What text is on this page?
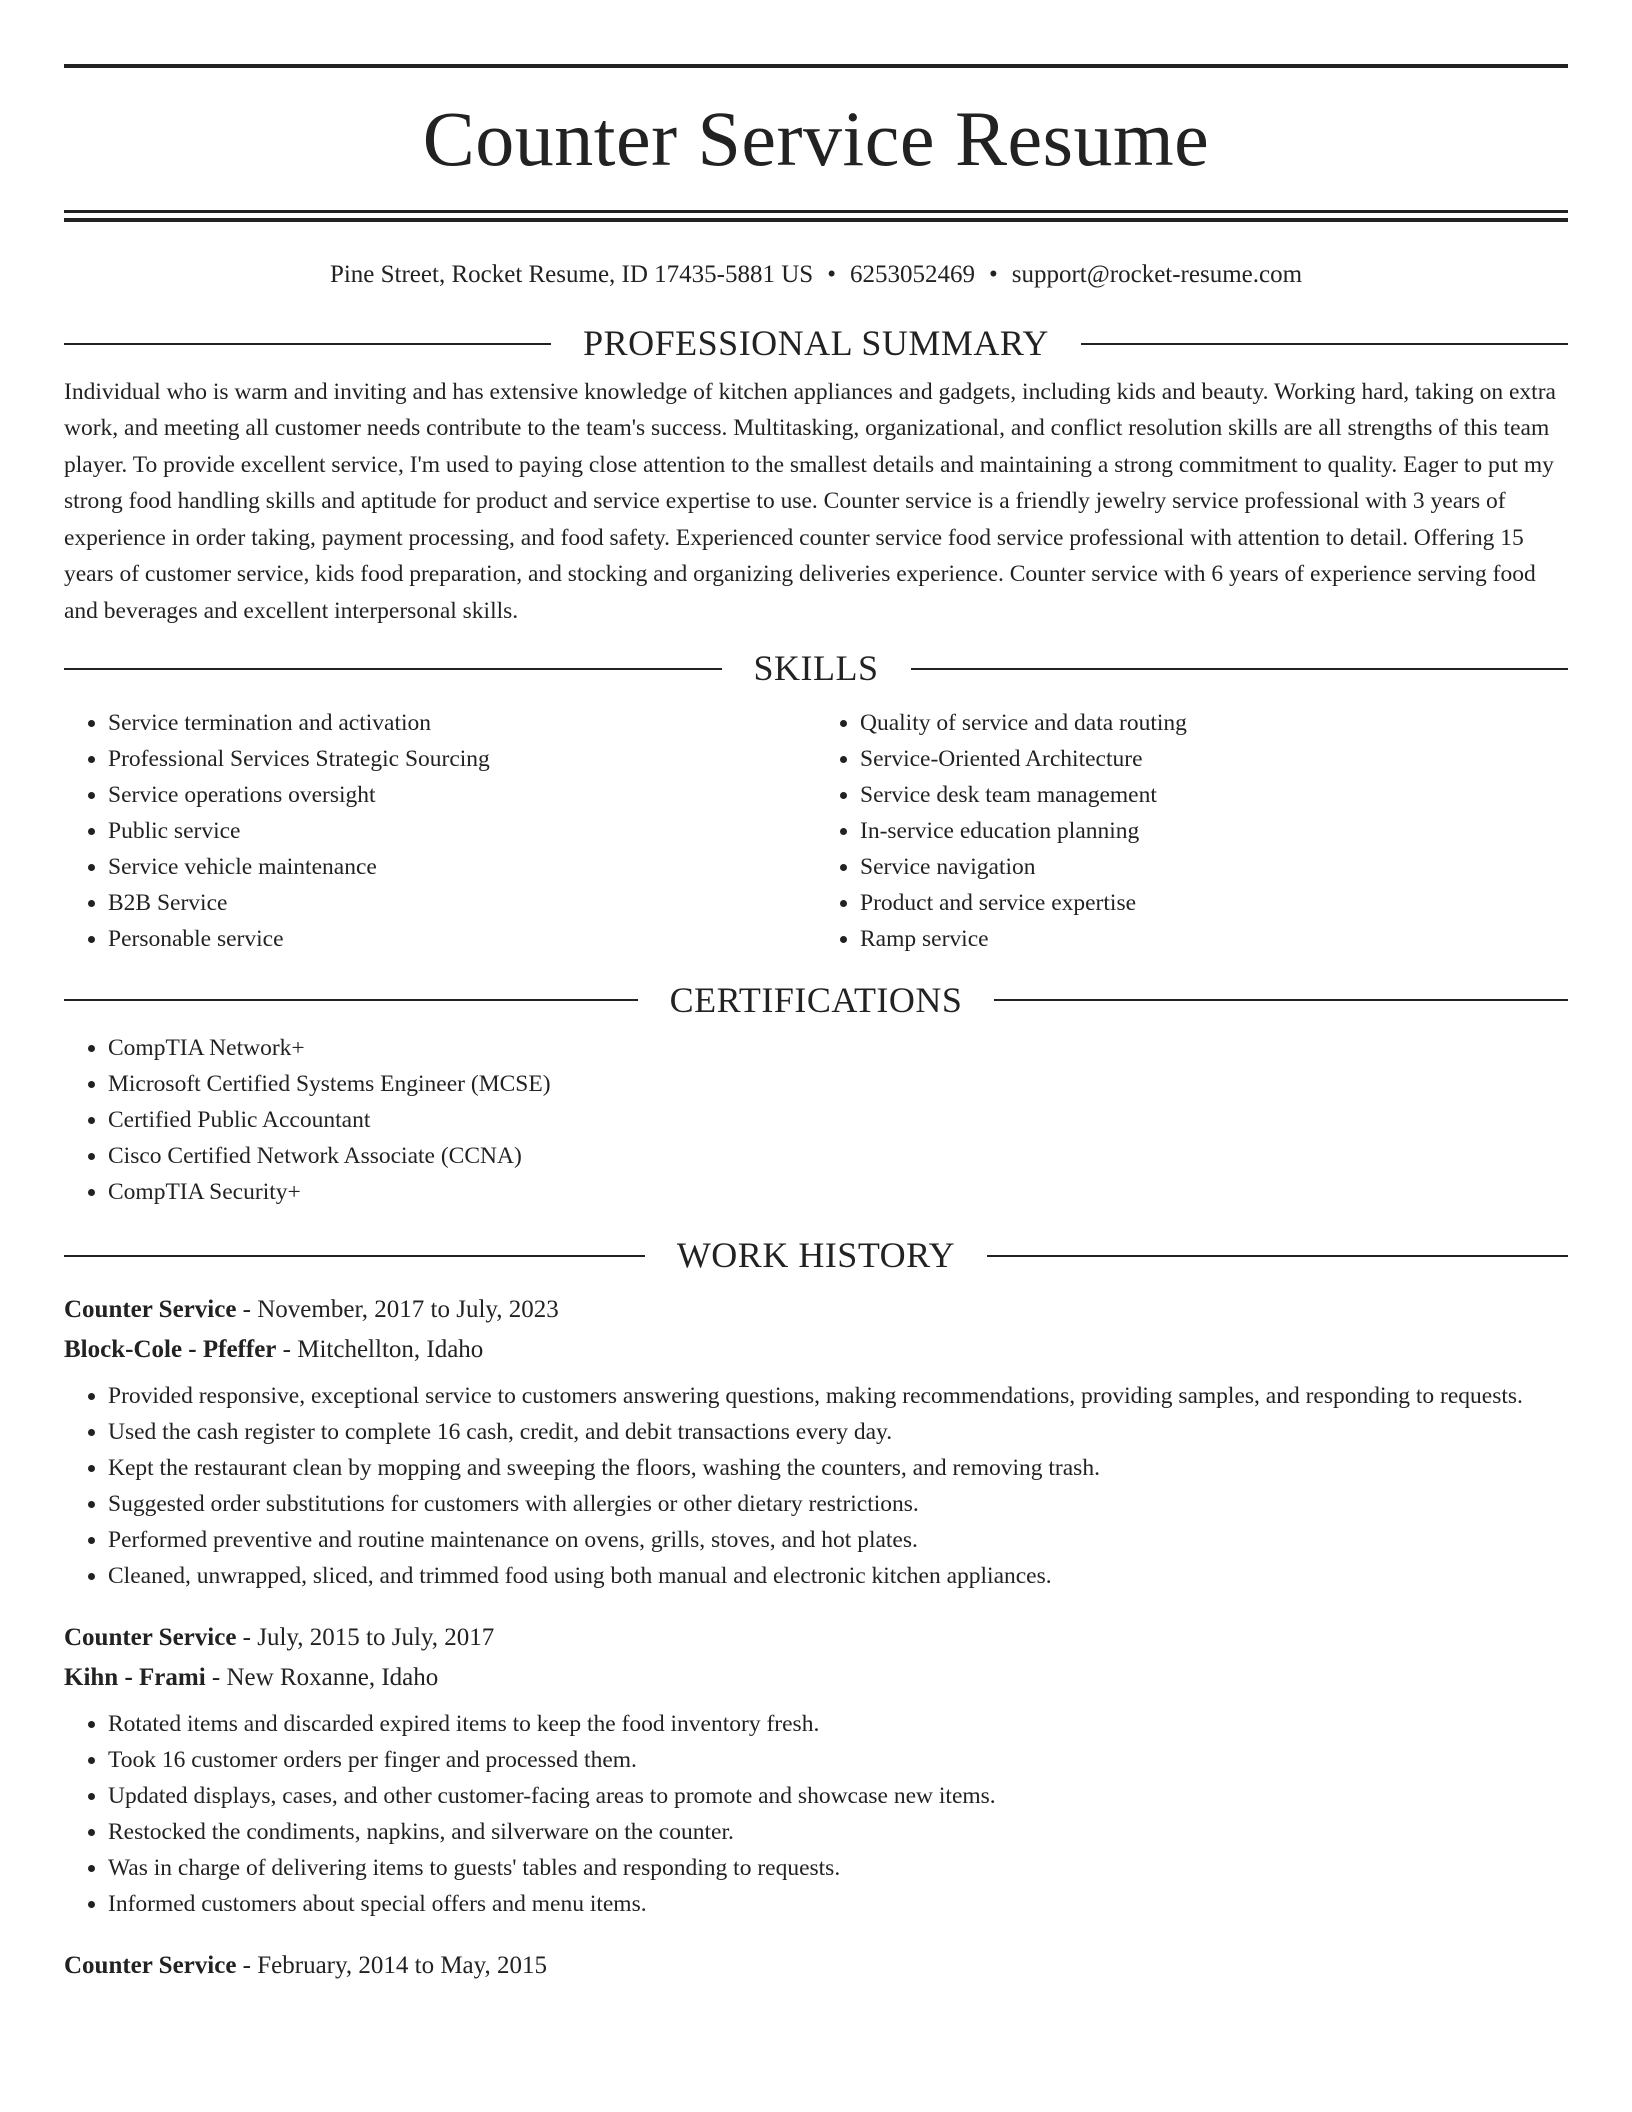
Counter Service Resume
Pine Street, Rocket Resume, ID 17435-5881 US • 6253052469 • support@rocket-resume.com
PROFESSIONAL SUMMARY

Individual who is warm and inviting and has extensive knowledge of kitchen appliances and gadgets, including kids and beauty. Working hard, taking on extra work, and meeting all customer needs contribute to the team's success. Multitasking, organizational, and conflict resolution skills are all strengths of this team player. To provide excellent service, I'm used to paying close attention to the smallest details and maintaining a strong commitment to quality. Eager to put my strong food handling skills and aptitude for product and service expertise to use. Counter service is a friendly jewelry service professional with 3 years of experience in order taking, payment processing, and food safety. Experienced counter service food service professional with attention to detail. Offering 15 years of customer service, kids food preparation, and stocking and organizing deliveries experience. Counter service with 6 years of experience serving food and beverages and excellent interpersonal skills.

SKILLS
• Service termination and activation
• Professional Services Strategic Sourcing
• Service operations oversight
• Public service
• Service vehicle maintenance
• B2B Service
• Personable service
• Quality of service and data routing
• Service-Oriented Architecture
• Service desk team management
• In-service education planning
• Service navigation
• Product and service expertise
• Ramp service
CERTIFICATIONS
• CompTIA Network+
• Microsoft Certified Systems Engineer (MCSE)
• Certified Public Accountant
• Cisco Certified Network Associate (CCNA)
• CompTIA Security+
WORK HISTORY
Counter Service - November, 2017 to July, 2023
Block-Cole - Pfeffer - Mitchellton, Idaho
• Provided responsive, exceptional service to customers answering questions, making recommendations, providing samples, and responding to requests.
• Used the cash register to complete 16 cash, credit, and debit transactions every day.
• Kept the restaurant clean by mopping and sweeping the floors, washing the counters, and removing trash.
• Suggested order substitutions for customers with allergies or other dietary restrictions.
• Performed preventive and routine maintenance on ovens, grills, stoves, and hot plates.
• Cleaned, unwrapped, sliced, and trimmed food using both manual and electronic kitchen appliances.
Counter Service - July, 2015 to July, 2017
Kihn - Frami - New Roxanne, Idaho
• Rotated items and discarded expired items to keep the food inventory fresh.
• Took 16 customer orders per finger and processed them.
• Updated displays, cases, and other customer-facing areas to promote and showcase new items.
• Restocked the condiments, napkins, and silverware on the counter.
• Was in charge of delivering items to guests' tables and responding to requests.
• Informed customers about special offers and menu items.
Counter Service - February, 2014 to May, 2015
